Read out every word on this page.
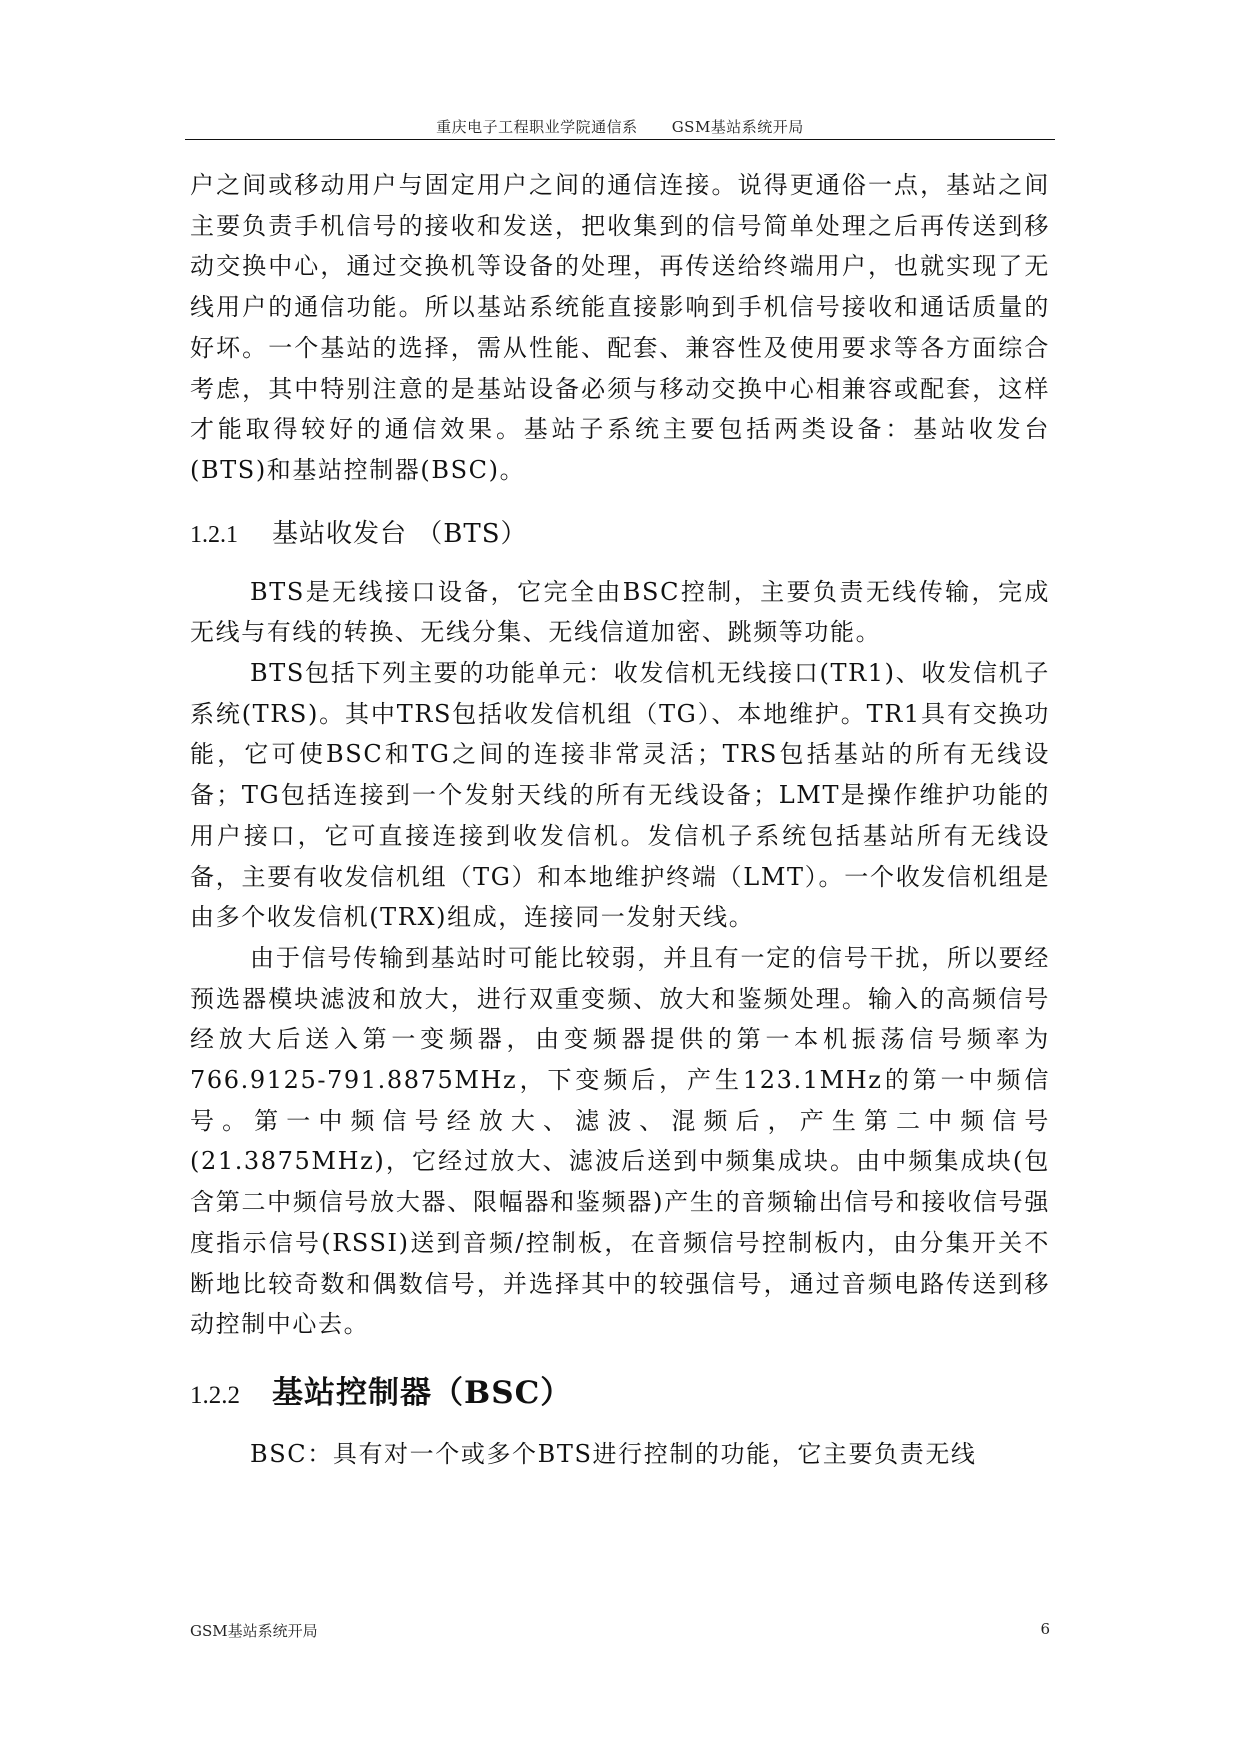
重庆电子工程职业学院通信系 GSM基站系统开局

户之间或移动用户与固定用户之间的通信连接。说得更通俗一点，基站之间主要负责手机信号的接收和发送，把收集到的信号简单处理之后再传送到移动交换中心，通过交换机等设备的处理，再传送给终端用户，也就实现了无线用户的通信功能。所以基站系统能直接影响到手机信号接收和通话质量的好坏。一个基站的选择，需从性能、配套、兼容性及使用要求等各方面综合考虑，其中特别注意的是基站设备必须与移动交换中心相兼容或配套，这样才能取得较好的通信效果。基站子系统主要包括两类设备：基站收发台(BTS)和基站控制器(BSC)。

1.2.1	基站收发台 （BTS）

BTS是无线接口设备，它完全由BSC控制，主要负责无线传输，完成无线与有线的转换、无线分集、无线信道加密、跳频等功能。

BTS包括下列主要的功能单元：收发信机无线接口(TR1)、收发信机子系统(TRS)。其中TRS包括收发信机组（TG）、本地维护。TR1具有交换功能，它可使BSC和TG之间的连接非常灵活；TRS包括基站的所有无线设备；TG包括连接到一个发射天线的所有无线设备；LMT是操作维护功能的用户接口，它可直接连接到收发信机。发信机子系统包括基站所有无线设备，主要有收发信机组（TG）和本地维护终端（LMT）。一个收发信机组是由多个收发信机(TRX)组成，连接同一发射天线。

由于信号传输到基站时可能比较弱，并且有一定的信号干扰，所以要经预选器模块滤波和放大，进行双重变频、放大和鉴频处理。输入的高频信号经放大后送入第一变频器，由变频器提供的第一本机振荡信号频率为766.9125-791.8875MHz，下变频后，产生123.1MHz的第一中频信号。第一中频信号经放大、滤波、混频后，产生第二中频信号(21.3875MHz)，它经过放大、滤波后送到中频集成块。由中频集成块(包含第二中频信号放大器、限幅器和鉴频器)产生的音频输出信号和接收信号强度指示信号(RSSI)送到音频/控制板，在音频信号控制板内，由分集开关不断地比较奇数和偶数信号，并选择其中的较强信号，通过音频电路传送到移动控制中心去。

1.2.2	基站控制器（BSC）

BSC：具有对一个或多个BTS进行控制的功能，它主要负责无线

GSM基站系统开局	6
